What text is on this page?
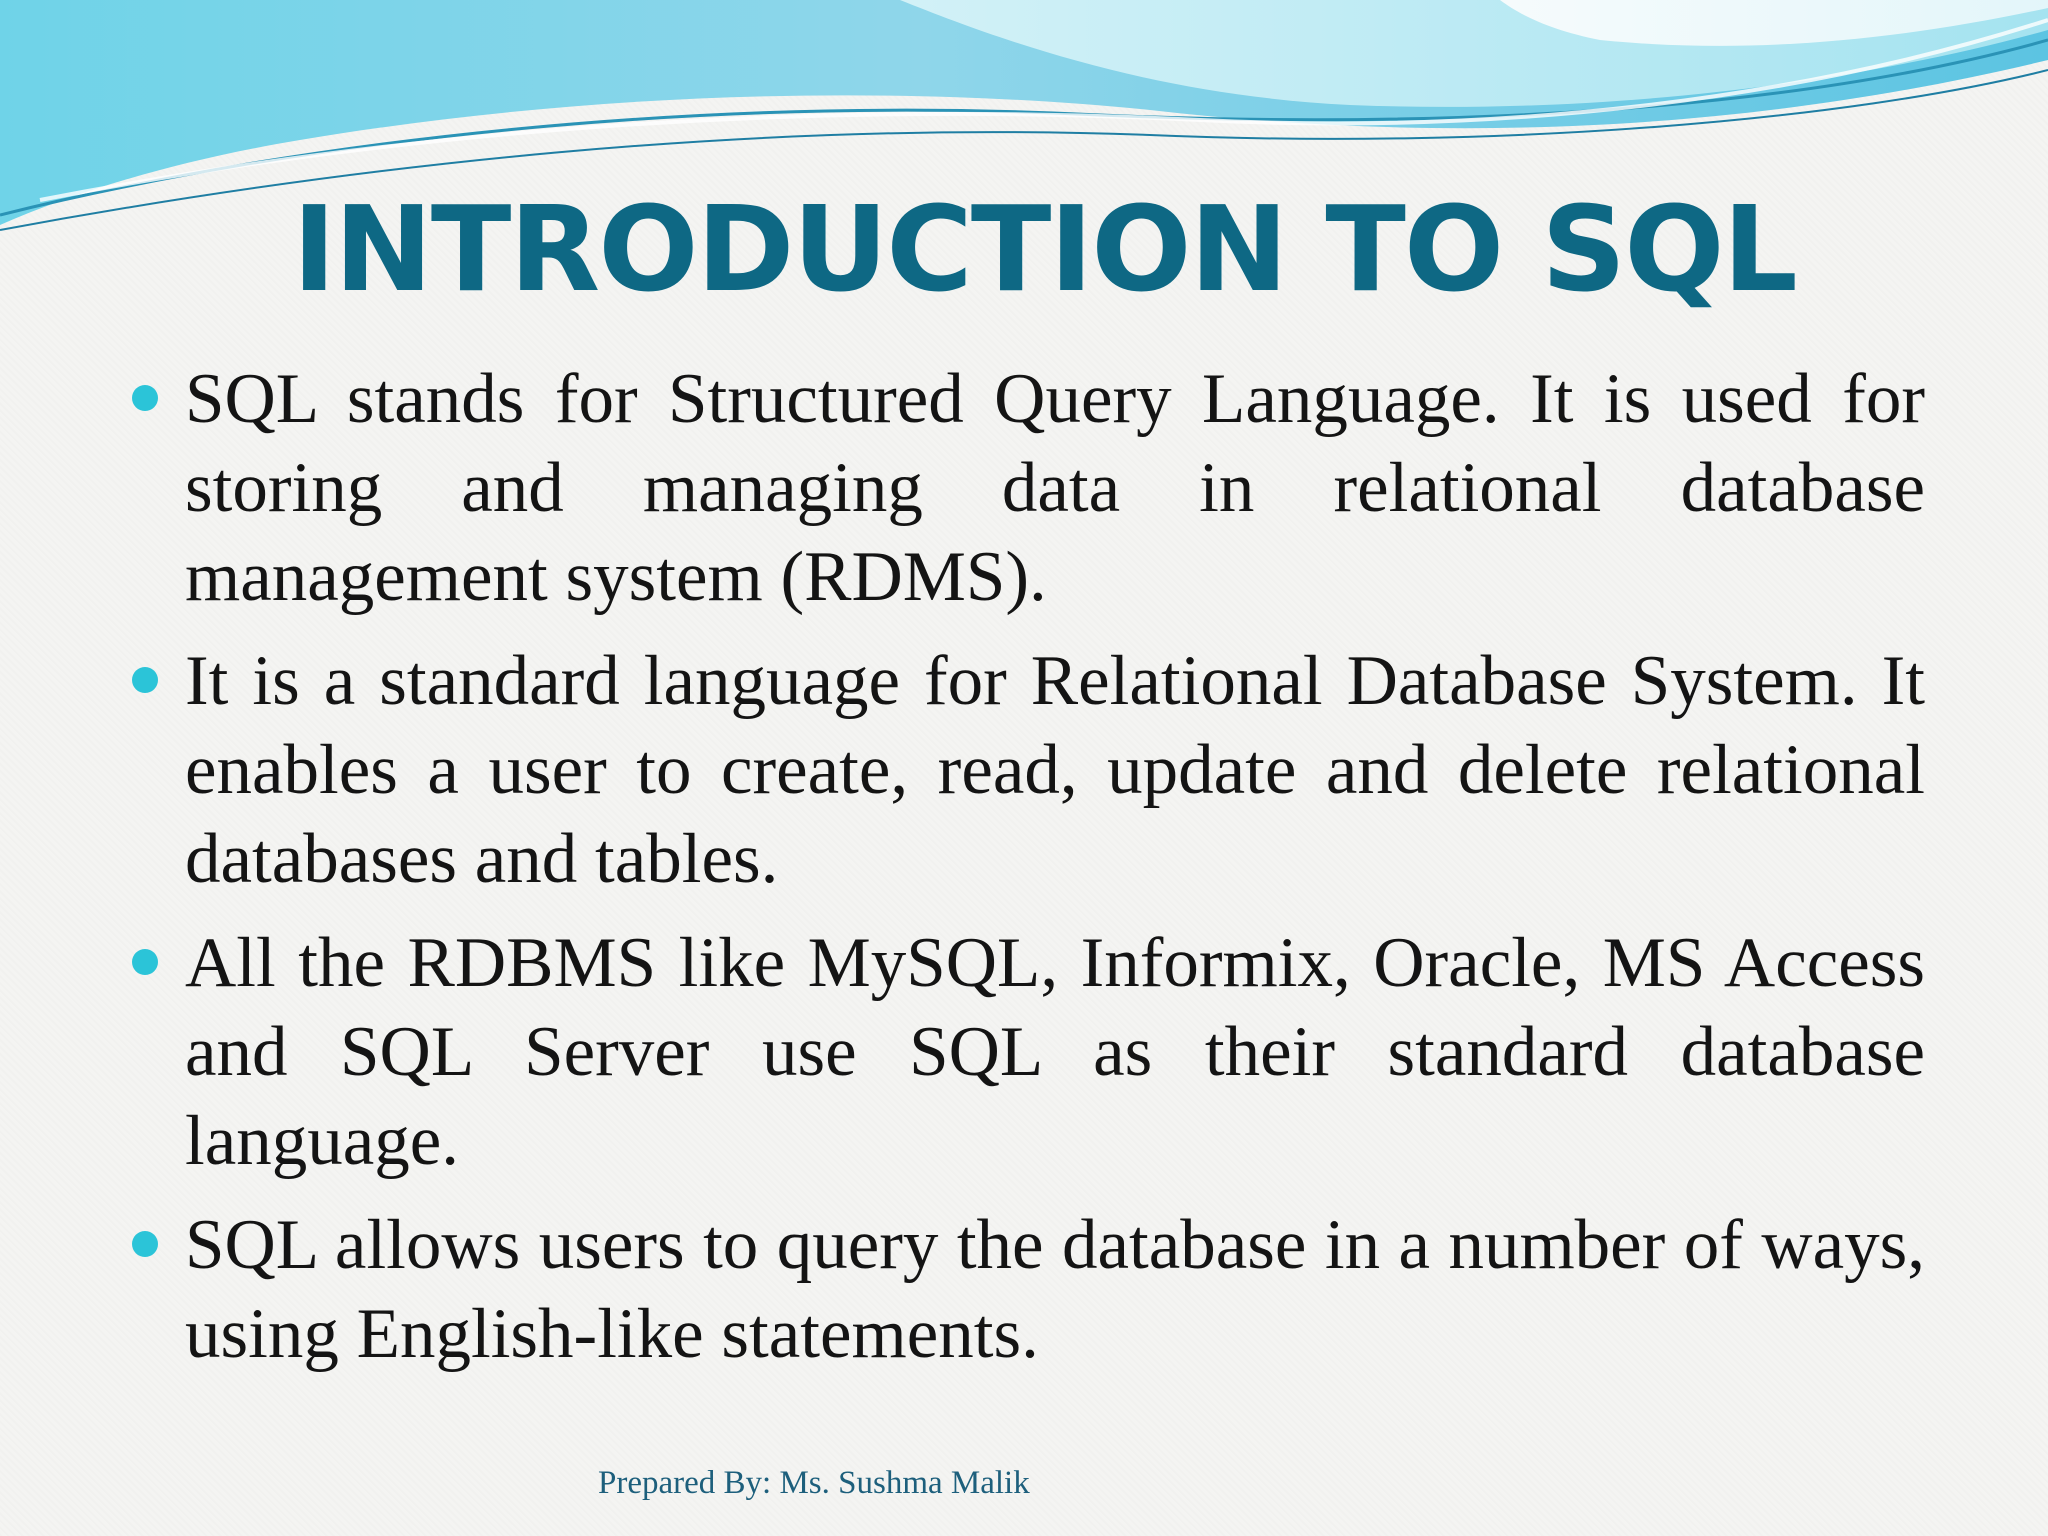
INTRODUCTION TO SQL
SQL stands for Structured Query Language. It is used for storing and managing data in relational database management system (RDMS).
It is a standard language for Relational Database System. It enables a user to create, read, update and delete relational databases and tables.
All the RDBMS like MySQL, Informix, Oracle, MS Access and SQL Server use SQL as their standard database language.
SQL allows users to query the database in a number of ways, using English-like statements.

Prepared By: Ms. Sushma Malik
